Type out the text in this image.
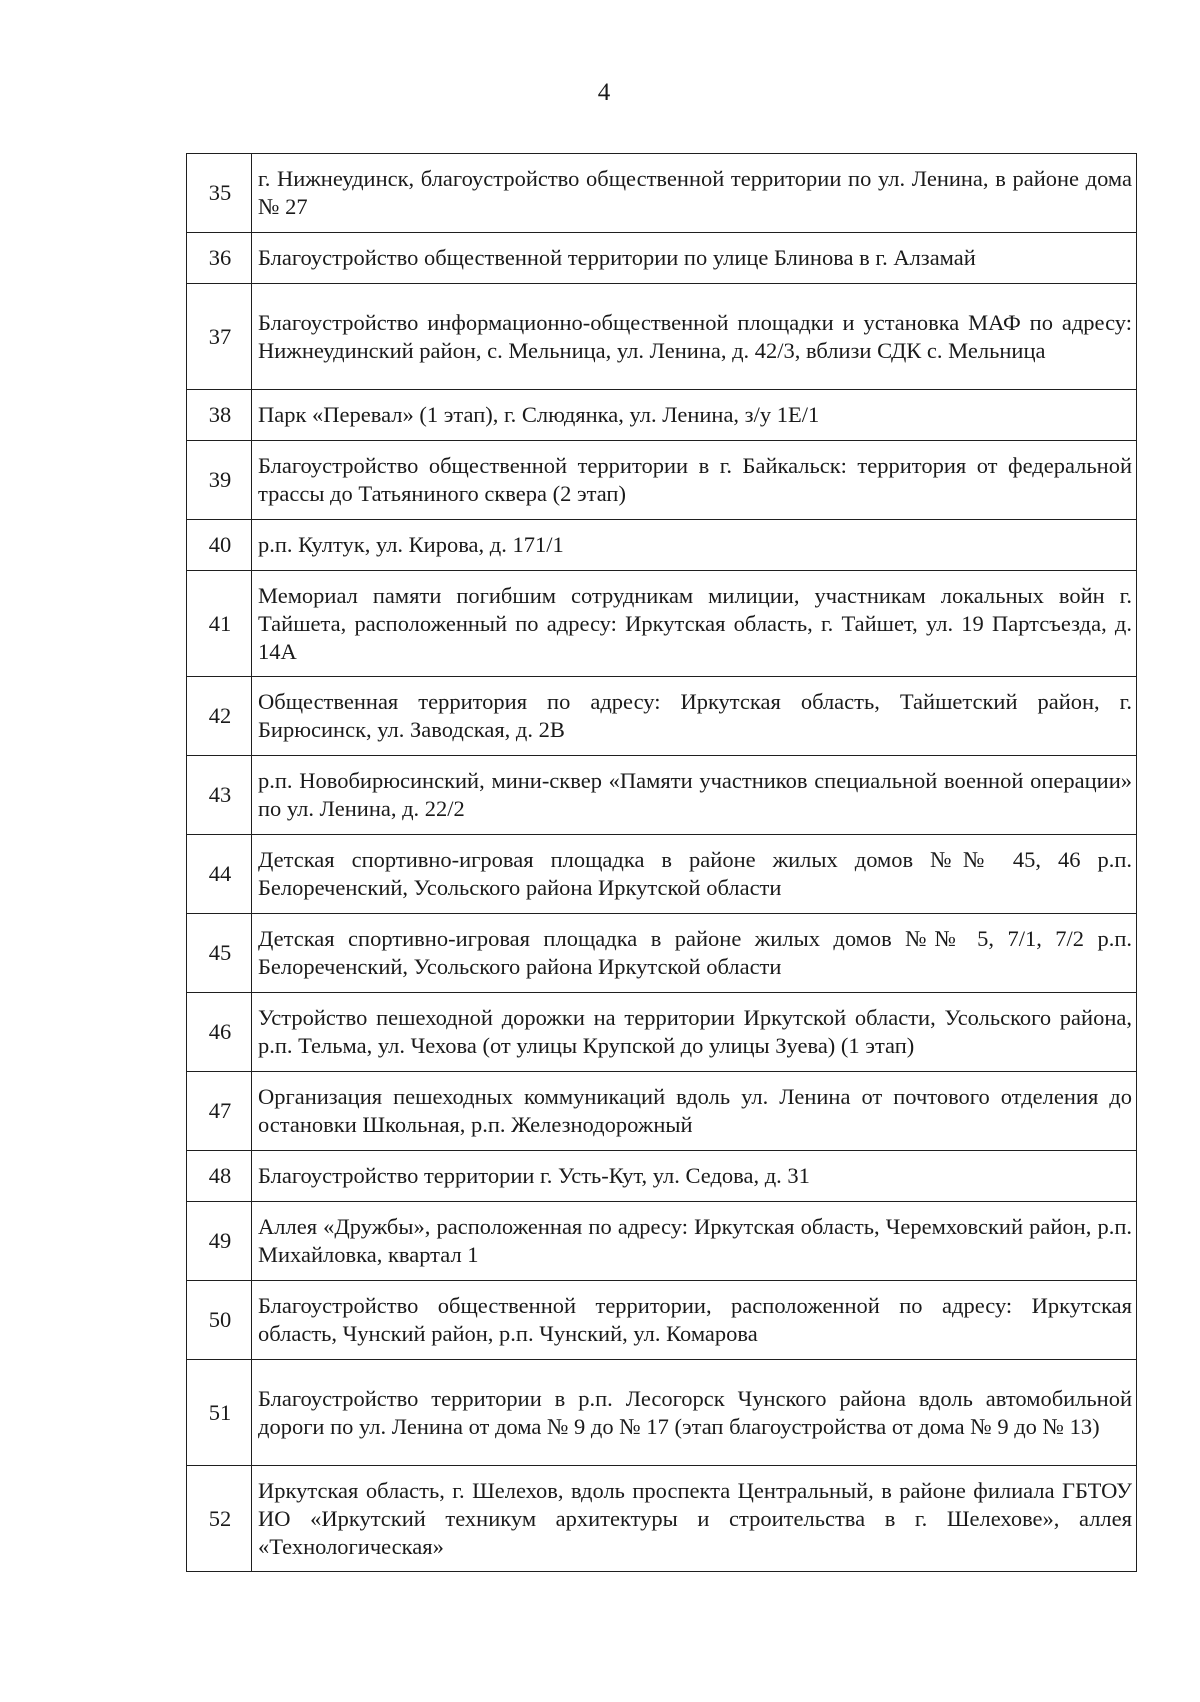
4
35	г. Нижнеудинск, благоустройство общественной территории по ул. Ленина, в районе дома № 27
36	Благоустройство общественной территории по улице Блинова в г. Алзамай
37	Благоустройство информационно-общественной площадки и установка МАФ по адресу: Нижнеудинский район, с. Мельница, ул. Ленина, д. 42/3, вблизи СДК с. Мельница
38	Парк «Перевал» (1 этап), г. Слюдянка, ул. Ленина, з/у 1Е/1
39	Благоустройство общественной территории в г. Байкальск: территория от федеральной трассы до Татьяниного сквера (2 этап)
40	р.п. Култук, ул. Кирова, д. 171/1
41	Мемориал памяти погибшим сотрудникам милиции, участникам локальных войн г. Тайшета, расположенный по адресу: Иркутская область, г. Тайшет, ул. 19 Партсъезда, д. 14А
42	Общественная территория по адресу: Иркутская область, Тайшетский район, г. Бирюсинск, ул. Заводская, д. 2В
43	р.п. Новобирюсинский, мини-сквер «Памяти участников специальной военной операции» по ул. Ленина, д. 22/2
44	Детская спортивно-игровая площадка в районе жилых домов №№ 45, 46 р.п. Белореченский, Усольского района Иркутской области
45	Детская спортивно-игровая площадка в районе жилых домов №№ 5, 7/1, 7/2 р.п. Белореченский, Усольского района Иркутской области
46	Устройство пешеходной дорожки на территории Иркутской области, Усольского района, р.п. Тельма, ул. Чехова (от улицы Крупской до улицы Зуева) (1 этап)
47	Организация пешеходных коммуникаций вдоль ул. Ленина от почтового отделения до остановки Школьная, р.п. Железнодорожный
48	Благоустройство территории г. Усть-Кут, ул. Седова, д. 31
49	Аллея «Дружбы», расположенная по адресу: Иркутская область, Черемховский район, р.п. Михайловка, квартал 1
50	Благоустройство общественной территории, расположенной по адресу: Иркутская область, Чунский район, р.п. Чунский, ул. Комарова
51	Благоустройство территории в р.п. Лесогорск Чунского района вдоль автомобильной дороги по ул. Ленина от дома № 9 до № 17 (этап благоустройства от дома № 9 до № 13)
52	Иркутская область, г. Шелехов, вдоль проспекта Центральный, в районе филиала ГБТОУ ИО «Иркутский техникум архитектуры и строительства в г. Шелехове», аллея «Технологическая»
